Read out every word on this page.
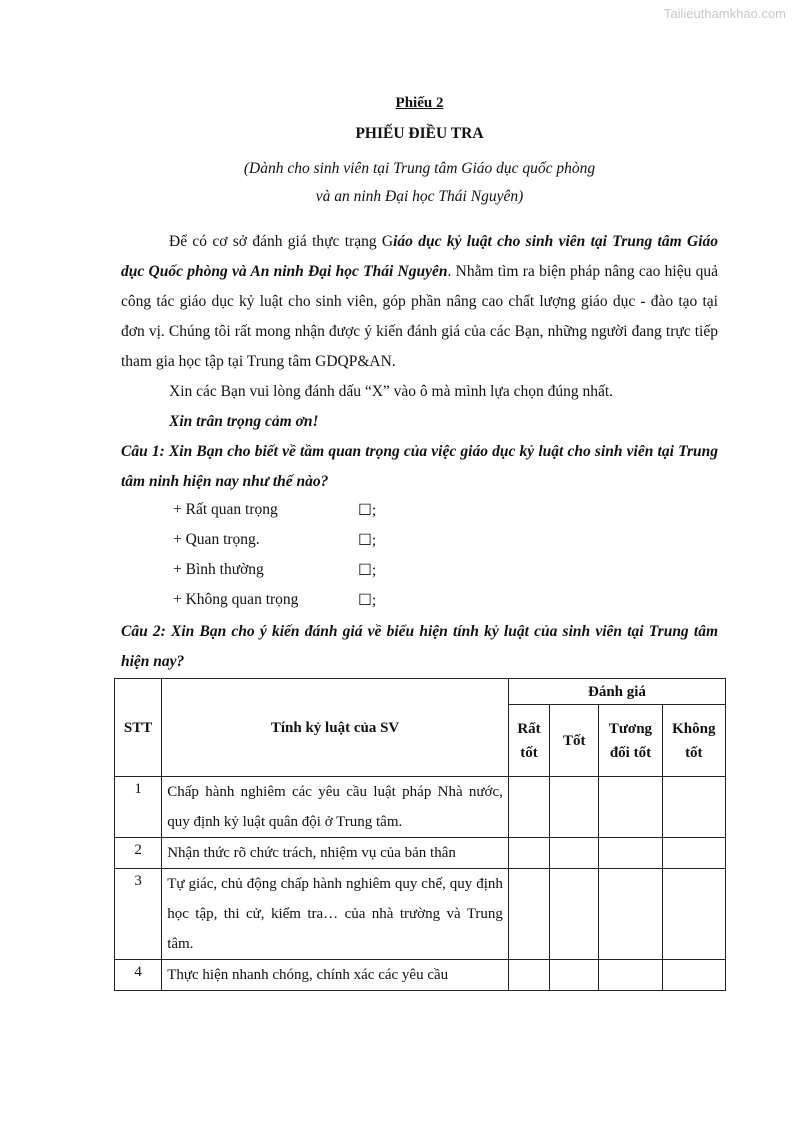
Tailieuthamkhao.com
Phiếu 2
PHIẾU ĐIỀU TRA
(Dành cho sinh viên tại Trung tâm Giáo dục quốc phòng
và an ninh Đại học Thái Nguyên)

Để có cơ sở đánh giá thực trạng Giáo dục kỷ luật cho sinh viên tại Trung tâm Giáo dục Quốc phòng và An ninh Đại học Thái Nguyên. Nhằm tìm ra biện pháp nâng cao hiệu quả công tác giáo dục kỷ luật cho sinh viên, góp phần nâng cao chất lượng giáo dục - đào tạo tại đơn vị. Chúng tôi rất mong nhận được ý kiến đánh giá của các Bạn, những người đang trực tiếp tham gia học tập tại Trung tâm GDQP&AN.

Xin các Bạn vui lòng đánh dấu “X” vào ô mà mình lựa chọn đúng nhất.

Xin trân trọng cảm ơn!

Câu 1: Xin Bạn cho biết về tầm quan trọng của việc giáo dục kỷ luật cho sinh viên tại Trung tâm ninh hiện nay như thế nào?
+ Rất quan trọng	☐;
+ Quan trọng.	☐;
+ Bình thường	☐;
+ Không quan trọng	☐;
Câu 2: Xin Bạn cho ý kiến đánh giá về biểu hiện tính kỷ luật của sinh viên tại Trung tâm hiện nay?
STT	Tính kỷ luật của SV	Đánh giá			
		Rất tốt	Tốt	Tương đối tốt	Không tốt
1	Chấp hành nghiêm các yêu cầu luật pháp Nhà nước, quy định kỷ luật quân đội ở Trung tâm.				
2	Nhận thức rõ chức trách, nhiệm vụ của bản thân				
3	Tự giác, chủ động chấp hành nghiêm quy chế, quy định học tập, thi cử, kiểm tra… của nhà trường và Trung tâm.				
4	Thực hiện nhanh chóng, chính xác các yêu cầu				
